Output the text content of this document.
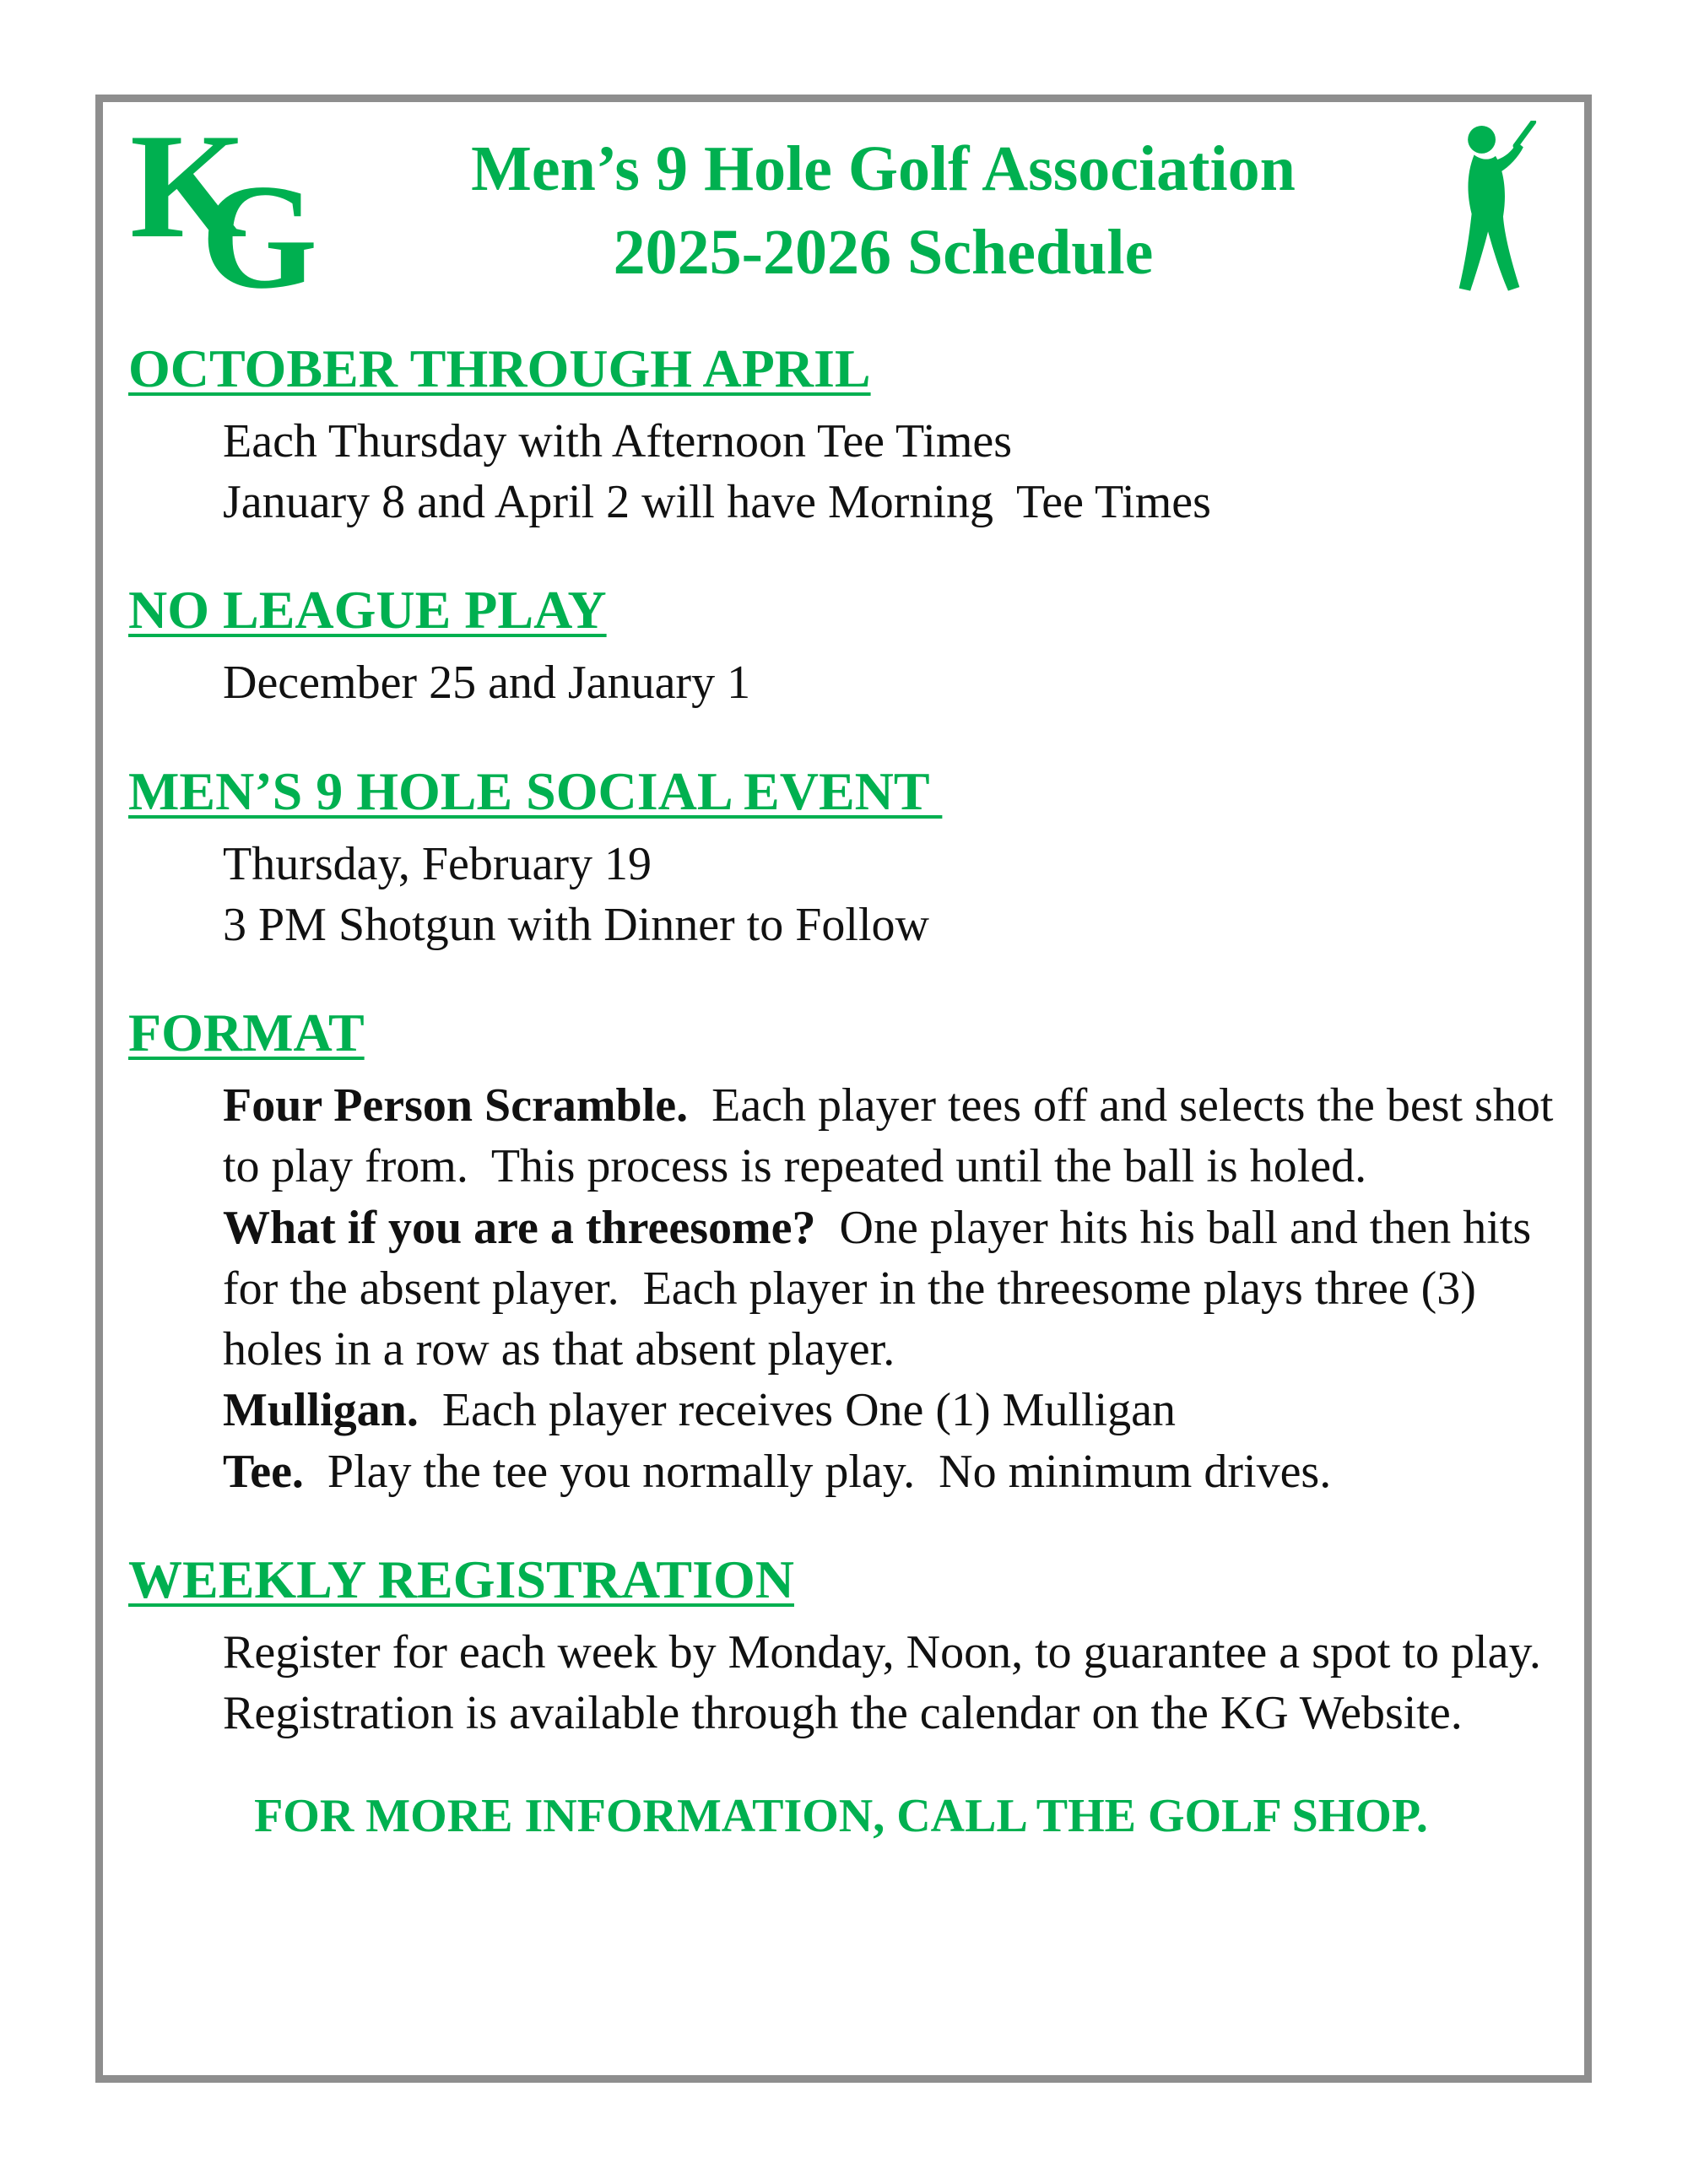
K
G	Men’s 9 Hole Golf Association
2025-2026 Schedule
OCTOBER THROUGH APRIL

Each Thursday with Afternoon Tee Times

January 8 and April 2 will have Morning  Tee Times

NO LEAGUE PLAY

December 25 and January 1

MEN’S 9 HOLE SOCIAL EVENT

Thursday, February 19

3 PM Shotgun with Dinner to Follow

FORMAT

Four Person Scramble.  Each player tees off and selects the best shot to play from.  This process is repeated until the ball is holed.

What if you are a threesome?  One player hits his ball and then hits for the absent player.  Each player in the threesome plays three (3) holes in a row as that absent player.

Mulligan.  Each player receives One (1) Mulligan

Tee.  Play the tee you normally play.  No minimum drives.

WEEKLY REGISTRATION

Register for each week by Monday, Noon, to guarantee a spot to play.  Registration is available through the calendar on the KG Website.

FOR MORE INFORMATION, CALL THE GOLF SHOP.
